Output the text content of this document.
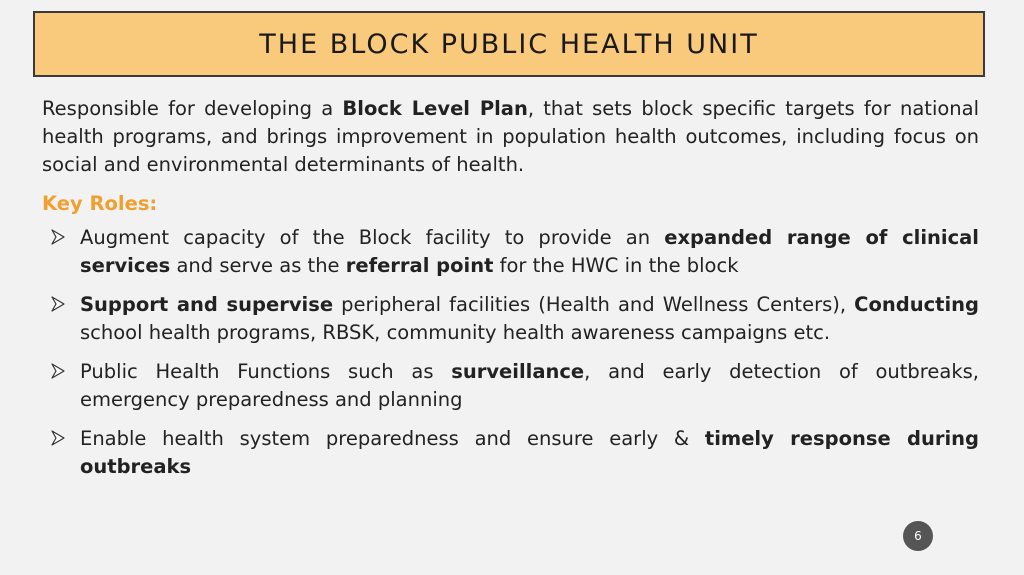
THE BLOCK PUBLIC HEALTH UNIT

Responsible for developing a Block Level Plan, that sets block specific targets for national health programs, and brings improvement in population health outcomes, including focus on social and environmental determinants of health.

Key Roles:
Augment capacity of the Block facility to provide an expanded range of clinical services and serve as the referral point for the HWC in the block
Support and supervise peripheral facilities (Health and Wellness Centers), Conducting school health programs, RBSK, community health awareness campaigns etc.
Public Health Functions such as surveillance, and early detection of outbreaks, emergency preparedness and planning
Enable health system preparedness and ensure early & timely response during outbreaks
6
